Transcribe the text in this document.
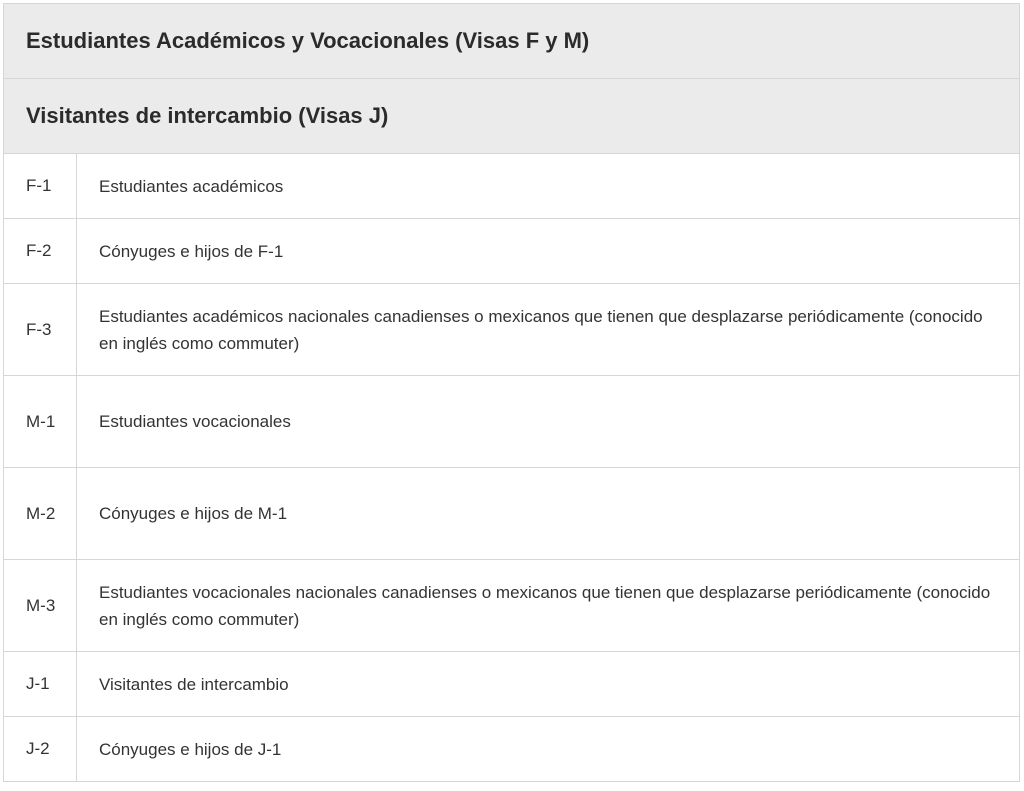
Estudiantes Académicos y Vocacionales (Visas F y M)	
Visitantes de intercambio (Visas J)	
F-1	Estudiantes académicos
F-2	Cónyuges e hijos de F-1
F-3	Estudiantes académicos nacionales canadienses o mexicanos que tienen que desplazarse periódicamente (conocido en inglés como commuter)
M-1	Estudiantes vocacionales
M-2	Cónyuges e hijos de M-1
M-3	Estudiantes vocacionales nacionales canadienses o mexicanos que tienen que desplazarse periódicamente (conocido en inglés como commuter)
J-1	Visitantes de intercambio
J-2	Cónyuges e hijos de J-1
